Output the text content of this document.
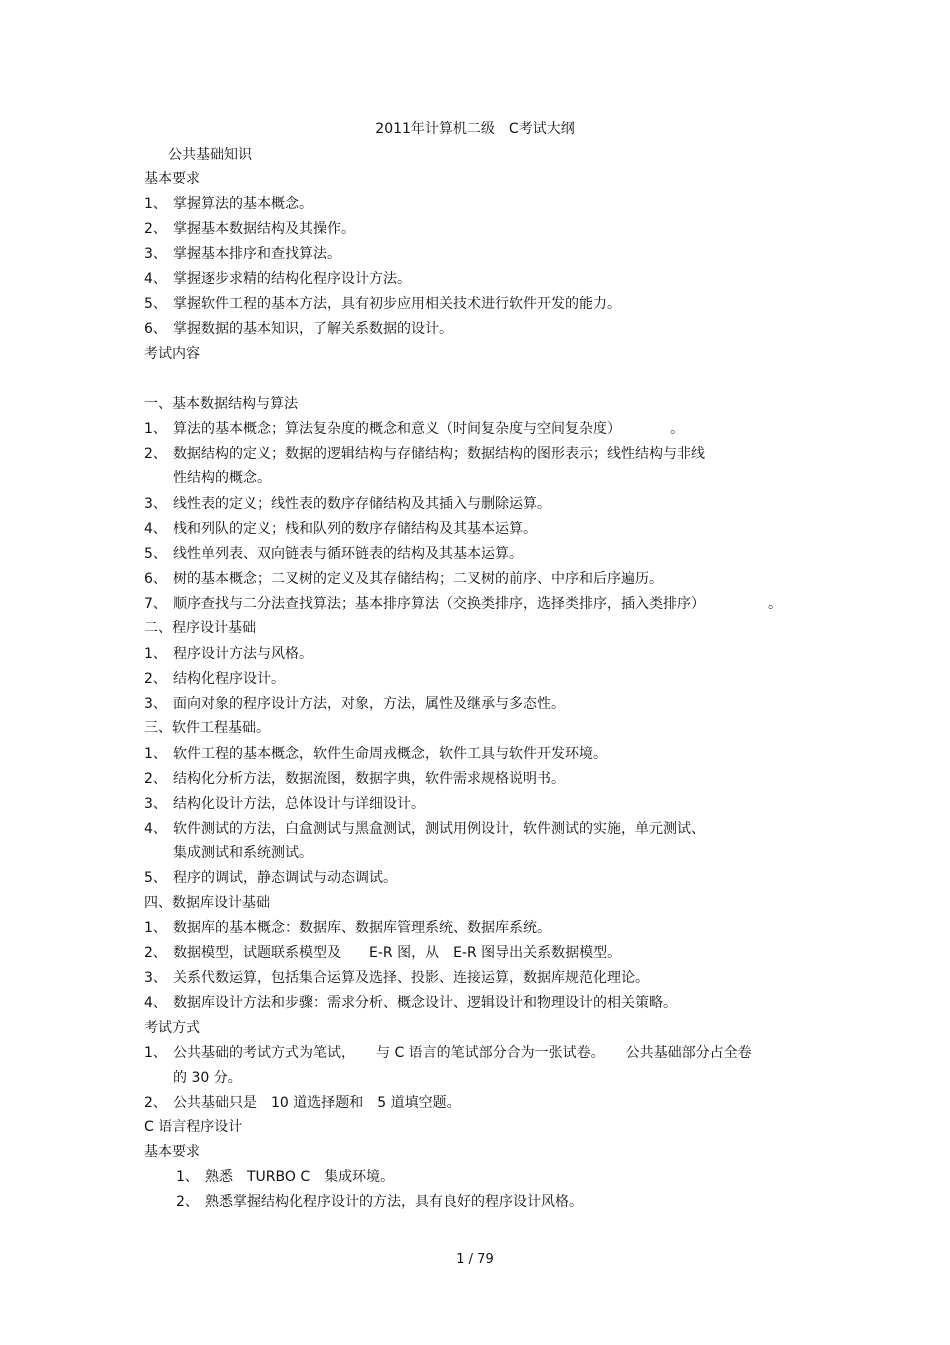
2011年计算机二级　C考试大纲
公共基础知识
基本要求
1、 掌握算法的基本概念。
2、 掌握基本数据结构及其操作。
3、 掌握基本排序和查找算法。
4、 掌握逐步求精的结构化程序设计方法。
5、 掌握软件工程的基本方法，具有初步应用相关技术进行软件开发的能力。
6、 掌握数据的基本知识，了解关系数据的设计。
考试内容
一、基本数据结构与算法
1、 算法的基本概念；算法复杂度的概念和意义（时间复杂度与空间复杂度）　　　　。
2、 数据结构的定义；数据的逻辑结构与存储结构；数据结构的图形表示；线性结构与非线
性结构的概念。
3、 线性表的定义；线性表的数序存储结构及其插入与删除运算。
4、 栈和列队的定义；栈和队列的数序存储结构及其基本运算。
5、 线性单列表、双向链表与循环链表的结构及其基本运算。
6、 树的基本概念；二叉树的定义及其存储结构；二叉树的前序、中序和后序遍历。
7、 顺序查找与二分法查找算法；基本排序算法（交换类排序，选择类排序，插入类排序）　　　　　。
二、程序设计基础
1、 程序设计方法与风格。
2、 结构化程序设计。
3、 面向对象的程序设计方法，对象，方法，属性及继承与多态性。
三、软件工程基础。
1、 软件工程的基本概念，软件生命周戎概念，软件工具与软件开发环境。
2、 结构化分析方法，数据流图，数据字典，软件需求规格说明书。
3、 结构化设计方法，总体设计与详细设计。
4、 软件测试的方法，白盒测试与黑盒测试，测试用例设计，软件测试的实施，单元测试、
集成测试和系统测试。
5、 程序的调试，静态调试与动态调试。
四、数据库设计基础
1、 数据库的基本概念：数据库、数据库管理系统、数据库系统。
2、 数据模型，试题联系模型及　　E-R 图，从　E-R 图导出关系数据模型。
3、 关系代数运算，包括集合运算及选择、投影、连接运算，数据库规范化理论。
4、 数据库设计方法和步骤：需求分析、概念设计、逻辑设计和物理设计的相关策略。
考试方式
1、 公共基础的考试方式为笔试，　　与 C 语言的笔试部分合为一张试卷。　　公共基础部分占全卷
的 30 分。
2、 公共基础只是　10 道选择题和　5 道填空题。
C 语言程序设计
基本要求
1、 熟悉　TURBO C　集成环境。
2、 熟悉掌握结构化程序设计的方法，具有良好的程序设计风格。
1 / 79
